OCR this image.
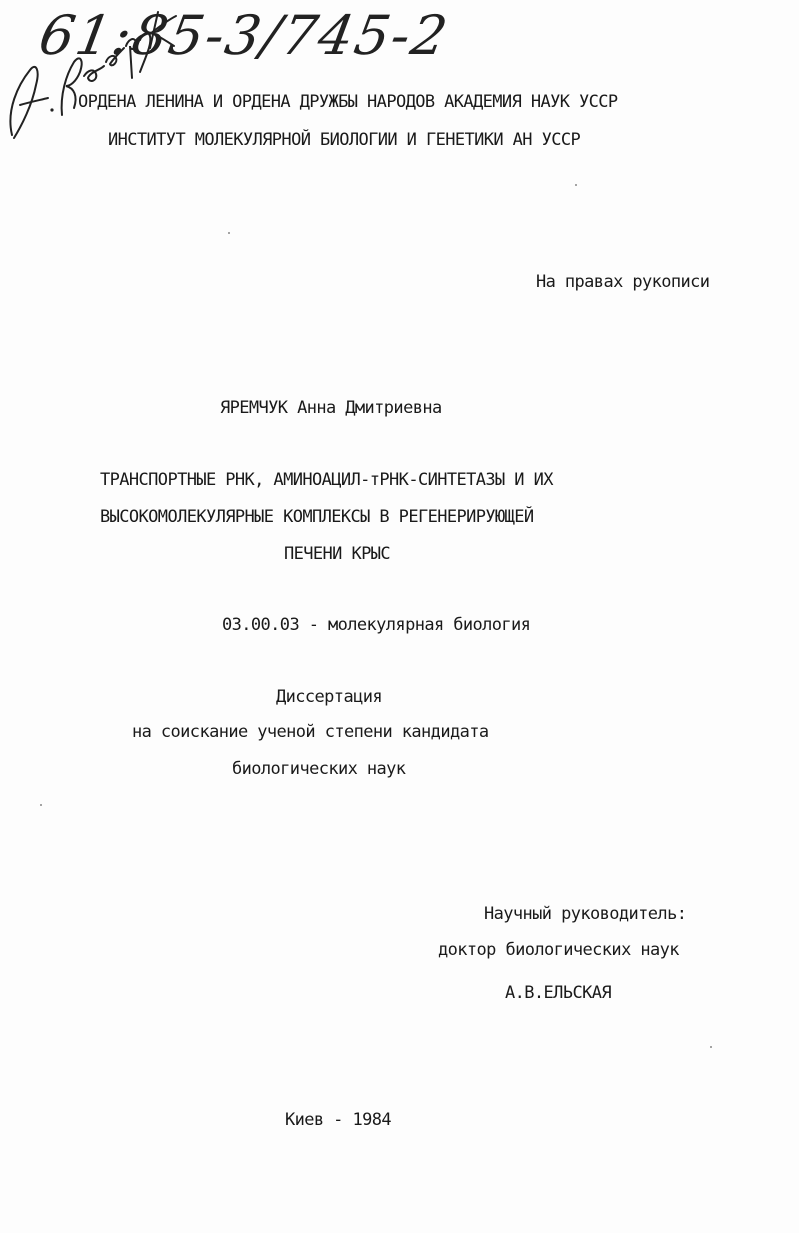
61:85-3/745-2
ОРДЕНА ЛЕНИНА И ОРДЕНА ДРУЖБЫ НАРОДОВ АКАДЕМИЯ НАУК УССР
ИНСТИТУТ МОЛЕКУЛЯРНОЙ БИОЛОГИИ И ГЕНЕТИКИ АН УССР
На правах рукописи
ЯРЕМЧУК Анна Дмитриевна
ТРАНСПОРТНЫЕ РНК, АМИНОАЦИЛ-тРНК-СИНТЕТАЗЫ И ИХ
ВЫСОКОМОЛЕКУЛЯРНЫЕ КОМПЛЕКСЫ В РЕГЕНЕРИРУЮЩЕЙ
ПЕЧЕНИ КРЫС
03.00.03 - молекулярная биология
Диссертация
на соискание ученой степени кандидата
биологических наук
Научный руководитель:
доктор биологических наук
А.В.ЕЛЬСКАЯ
Киев - 1984
